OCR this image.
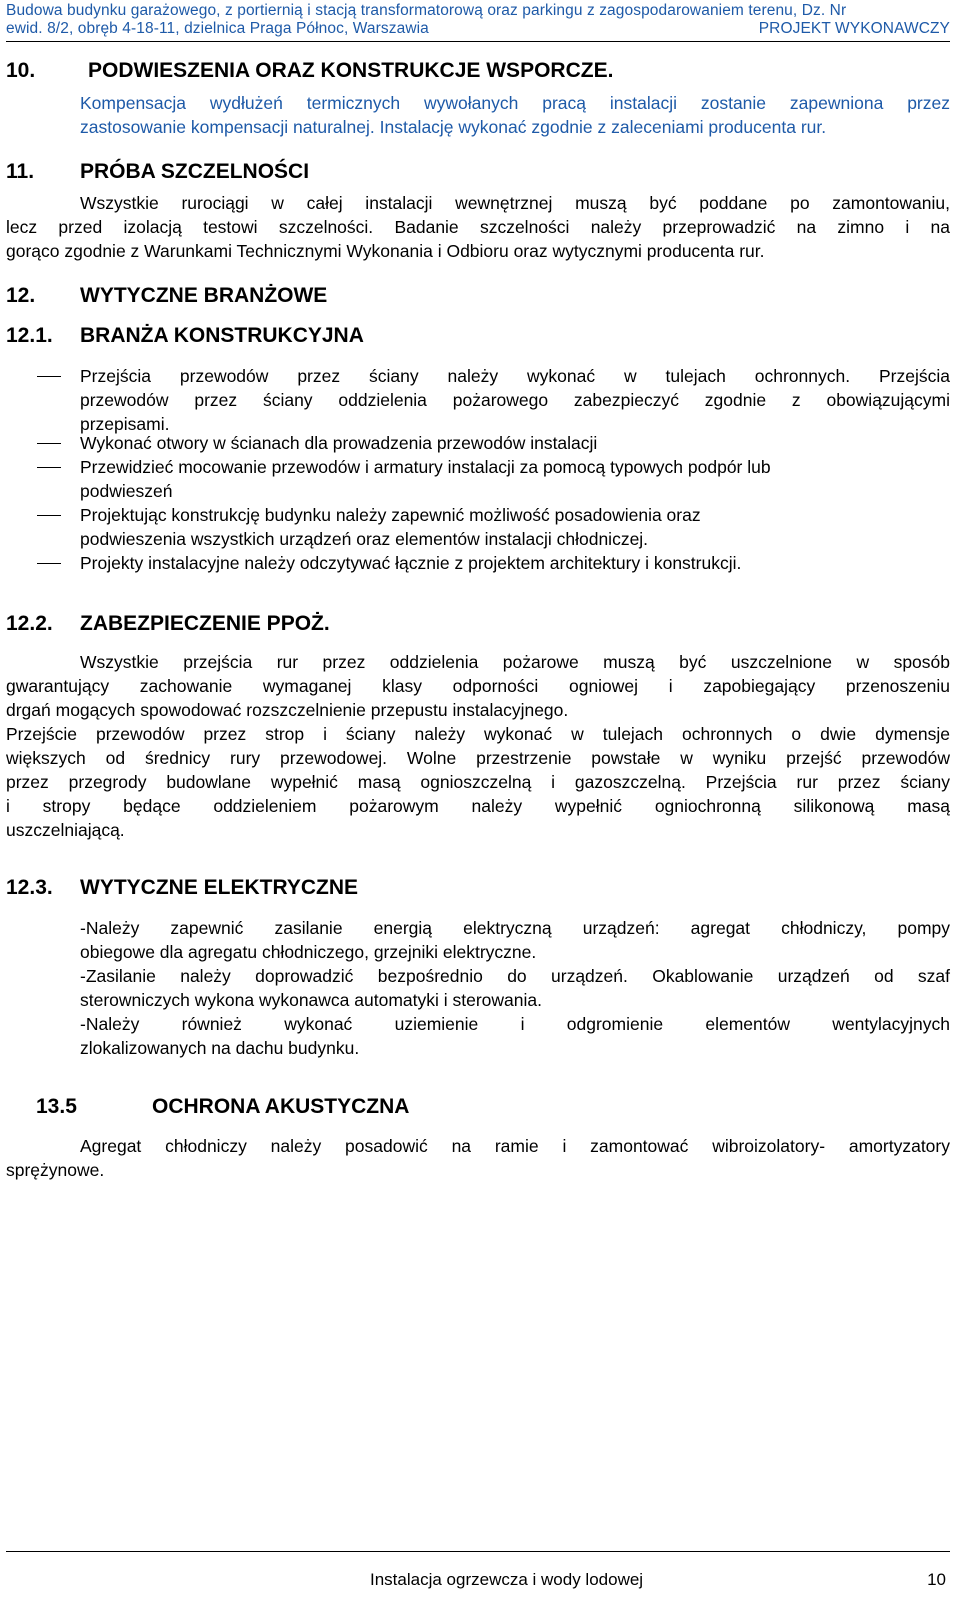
Budowa budynku garażowego, z portiernią i stacją transformatorową oraz parkingu z zagospodarowaniem terenu, Dz. Nr
ewid. 8/2, obręb 4-18-11, dzielnica Praga Północ, Warszawia	PROJEKT WYKONAWCZY
10.	PODWIESZENIA ORAZ KONSTRUKCJE WSPORCZE.
Kompensacja wydłużeń termicznych wywołanych pracą instalacji zostanie zapewniona przez
zastosowanie kompensacji naturalnej. Instalację wykonać zgodnie z zaleceniami producenta rur.
11. PRÓBA SZCZELNOŚCI
Wszystkie rurociągi w całej instalacji wewnętrznej muszą być poddane po zamontowaniu,
lecz przed izolacją testowi szczelności. Badanie szczelności należy przeprowadzić na zimno i na
gorąco zgodnie z Warunkami Technicznymi Wykonania i Odbioru oraz wytycznymi producenta rur.
12. WYTYCZNE BRANŻOWE
12.1. BRANŻA KONSTRUKCYJNA
Przejścia przewodów przez ściany należy wykonać w tulejach ochronnych. Przejścia
przewodów przez ściany oddzielenia pożarowego zabezpieczyć zgodnie z obowiązującymi
przepisami.
Wykonać otwory w ścianach dla prowadzenia przewodów instalacji
Przewidzieć mocowanie przewodów i armatury instalacji za pomocą typowych podpór lub
podwieszeń
Projektując konstrukcję budynku należy zapewnić możliwość posadowienia oraz
podwieszenia wszystkich urządzeń oraz elementów instalacji chłodniczej.
Projekty instalacyjne należy odczytywać łącznie z projektem architektury i konstrukcji.
12.2. ZABEZPIECZENIE PPOŻ.
Wszystkie przejścia rur przez oddzielenia pożarowe muszą być uszczelnione w sposób
gwarantujący zachowanie wymaganej klasy odporności ogniowej i zapobiegający przenoszeniu
drgań mogących spowodować rozszczelnienie przepustu instalacyjnego.
Przejście przewodów przez strop i ściany należy wykonać w tulejach ochronnych o dwie dymensje
większych od średnicy rury przewodowej. Wolne przestrzenie powstałe w wyniku przejść przewodów
przez przegrody budowlane wypełnić masą ognioszczelną i gazoszczelną. Przejścia rur przez ściany
i stropy będące oddzieleniem pożarowym należy wypełnić ogniochronną silikonową masą
uszczelniającą.
12.3. WYTYCZNE ELEKTRYCZNE
-Należy zapewnić zasilanie energią elektryczną urządzeń: agregat chłodniczy, pompy
obiegowe dla agregatu chłodniczego, grzejniki elektryczne.
-Zasilanie należy doprowadzić bezpośrednio do urządzeń. Okablowanie urządzeń od szaf
sterowniczych wykona wykonawca automatyki i sterowania.
-Należy również wykonać uziemienie i odgromienie elementów wentylacyjnych
zlokalizowanych na dachu budynku.
13.5	OCHRONA AKUSTYCZNA
Agregat chłodniczy należy posadowić na ramie i zamontować wibroizolatory- amortyzatory
sprężynowe.
Instalacja ogrzewcza i wody lodowej	10
